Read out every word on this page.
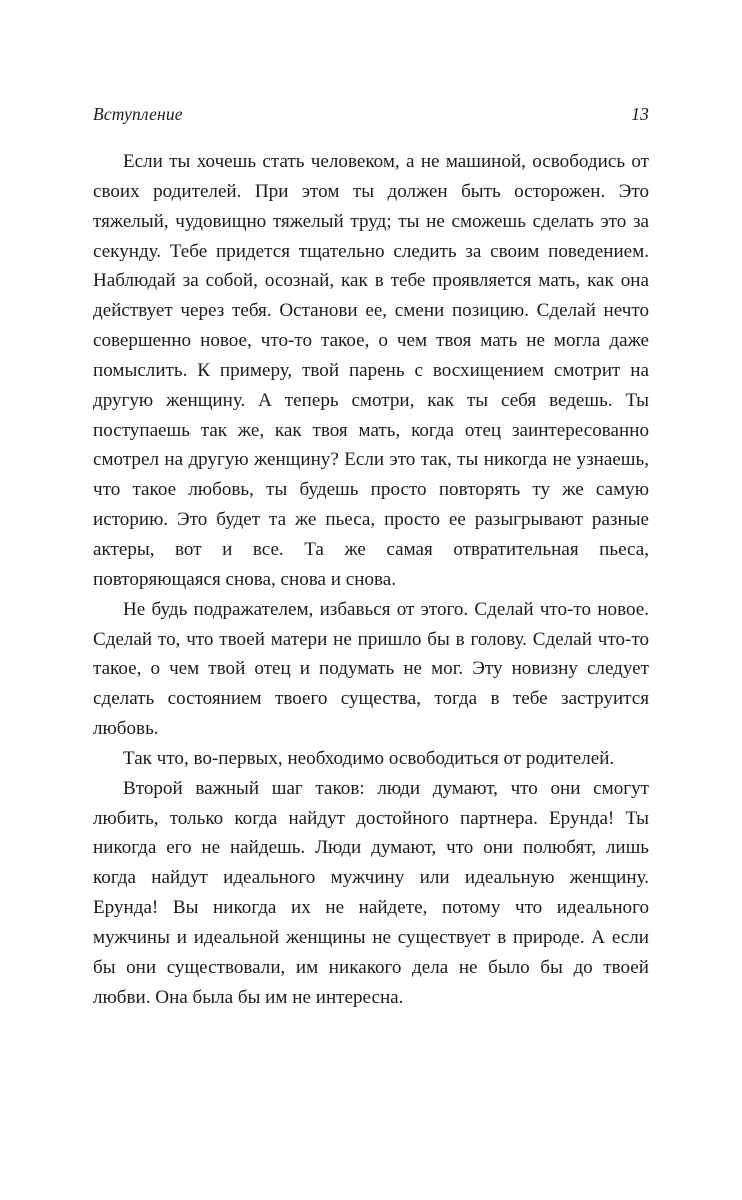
Вступление	13

Если ты хочешь стать человеком, а не машиной, освободись от своих родителей. При этом ты должен быть осторожен. Это тяжелый, чудовищно тяжелый труд; ты не сможешь сделать это за секунду. Тебе придется тщательно следить за своим поведением. Наблюдай за собой, осознай, как в тебе проявляется мать, как она действует через тебя. Останови ее, смени позицию. Сделай нечто совершенно новое, что-то такое, о чем твоя мать не могла даже помыслить. К примеру, твой парень с восхищением смотрит на другую женщину. А теперь смотри, как ты себя ведешь. Ты поступаешь так же, как твоя мать, когда отец заинтересованно смотрел на другую женщину? Если это так, ты никогда не узнаешь, что такое любовь, ты будешь просто повторять ту же самую историю. Это будет та же пьеса, просто ее разыгрывают разные актеры, вот и все. Та же самая отвратительная пьеса, повторяющаяся снова, снова и снова.

Не будь подражателем, избавься от этого. Сделай что-то новое. Сделай то, что твоей матери не пришло бы в голову. Сделай что-то такое, о чем твой отец и подумать не мог. Эту новизну следует сделать состоянием твоего существа, тогда в тебе заструится любовь.

Так что, во-первых, необходимо освободиться от родителей.

Второй важный шаг таков: люди думают, что они смогут любить, только когда найдут достойного партнера. Ерунда! Ты никогда его не найдешь. Люди думают, что они полюбят, лишь когда найдут идеального мужчину или идеальную женщину. Ерунда! Вы никогда их не найдете, потому что идеального мужчины и идеальной женщины не существует в природе. А если бы они существовали, им никакого дела не было бы до твоей любви. Она была бы им не интересна.
